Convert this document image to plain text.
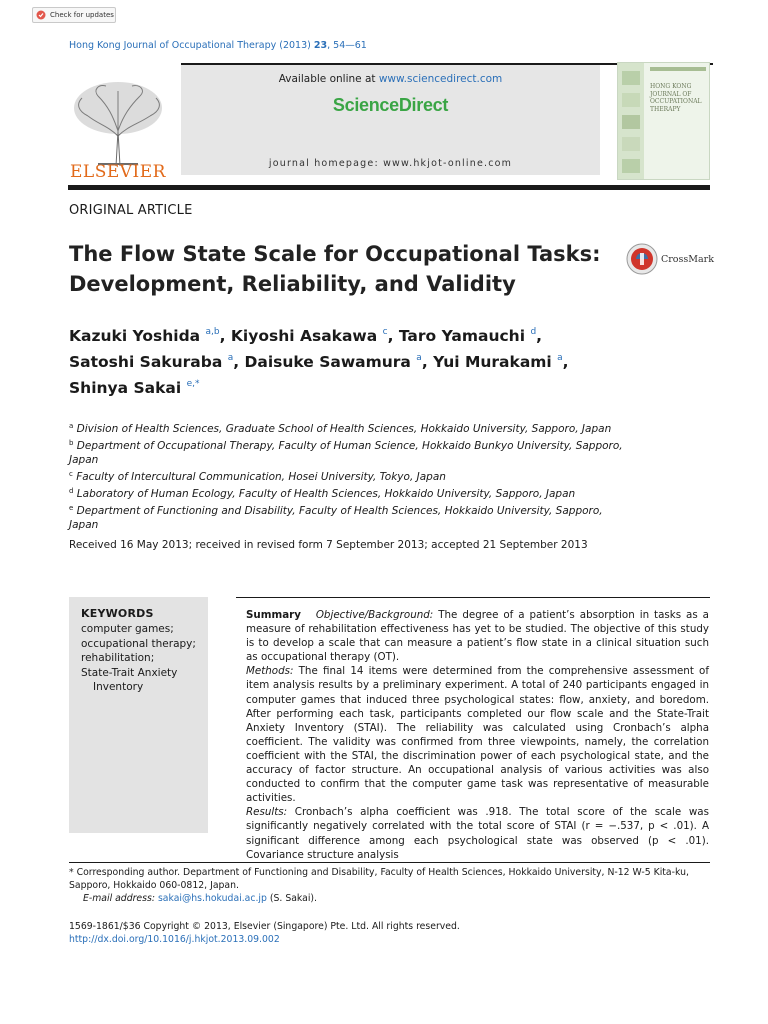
Check for updates
Hong Kong Journal of Occupational Therapy (2013) 23, 54—61
ELSEVIER
Available online at www.sciencedirect.com
ScienceDirect
journal homepage: www.hkjot-online.com
HONG KONG
JOURNAL OF
OCCUPATIONAL
THERAPY
ORIGINAL ARTICLE
The Flow State Scale for Occupational Tasks:
Development, Reliability, and Validity
CrossMark
Kazuki Yoshida $^{a,b}$, Kiyoshi Asakawa $^c$, Taro Yamauchi $^d$,
Satoshi Sakuraba $^a$, Daisuke Sawamura $^a$, Yui Murakami $^a$,
Shinya Sakai $^{e,*}$
$^a$ Division of Health Sciences, Graduate School of Health Sciences, Hokkaido University, Sapporo, Japan
$^b$ Department of Occupational Therapy, Faculty of Human Science, Hokkaido Bunkyo University, Sapporo, Japan
$^c$ Faculty of Intercultural Communication, Hosei University, Tokyo, Japan
$^d$ Laboratory of Human Ecology, Faculty of Health Sciences, Hokkaido University, Sapporo, Japan
$^e$ Department of Functioning and Disability, Faculty of Health Sciences, Hokkaido University, Sapporo, Japan
Received 16 May 2013; received in revised form 7 September 2013; accepted 21 September 2013
KEYWORDS
computer games;
occupational therapy;
rehabilitation;
State-Trait Anxiety Inventory

Summary Objective/Background: The degree of a patient’s absorption in tasks as a measure of rehabilitation effectiveness has yet to be studied. The objective of this study is to develop a scale that can measure a patient’s flow state in a clinical situation such as occupational therapy (OT).

Methods: The final 14 items were determined from the comprehensive assessment of item analysis results by a preliminary experiment. A total of 240 participants engaged in computer games that induced three psychological states: flow, anxiety, and boredom. After performing each task, participants completed our flow scale and the State-Trait Anxiety Inventory (STAI). The reliability was calculated using Cronbach’s alpha coefficient. The validity was confirmed from three viewpoints, namely, the correlation coefficient with the STAI, the discrimination power of each psychological state, and the accuracy of factor structure. An occupational analysis of various activities was also conducted to confirm that the computer game task was representative of measurable activities.

Results: Cronbach’s alpha coefficient was .918. The total score of the scale was significantly negatively correlated with the total score of STAI (r = −.537, p < .01). A significant difference among each psychological state was observed (p < .01). Covariance structure analysis

* Corresponding author. Department of Functioning and Disability, Faculty of Health Sciences, Hokkaido University, N-12 W-5 Kita-ku, Sapporo, Hokkaido 060-0812, Japan.
E-mail address: sakai@hs.hokudai.ac.jp (S. Sakai).
1569-1861/$36 Copyright © 2013, Elsevier (Singapore) Pte. Ltd. All rights reserved.
http://dx.doi.org/10.1016/j.hkjot.2013.09.002
